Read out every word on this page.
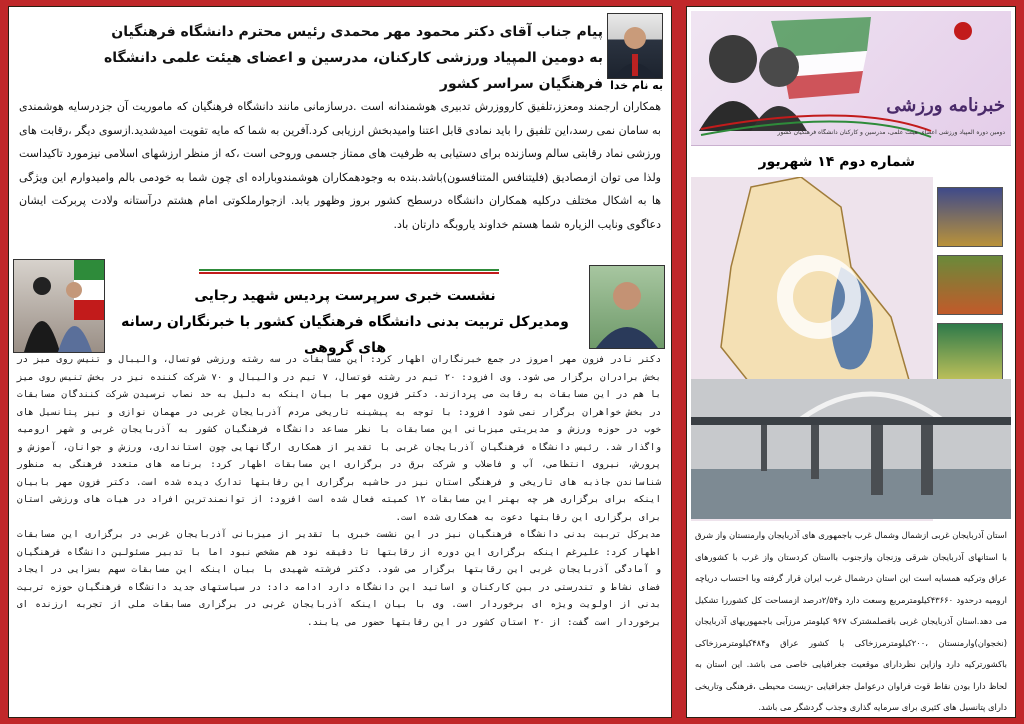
پیام جناب آقای دکتر محمود مهر محمدی رئیس محترم دانشگاه فرهنگیان
به دومین المپیاد ورزشی کارکنان، مدرسین و اعضای هیئت علمی دانشگاه فرهنگیان سراسر کشور به نام خدا
همکاران ارجمند ومعزز،تلفیق کارووزرش تدبیری هوشمندانه است .درسازمانی مانند دانشگاه فرهنگیان که ماموریت آن جزدرسایه هوشمندی به سامان نمی رسد،این تلفیق را باید نمادی قابل اعتنا وامیدبخش ارزیابی کرد.آفرین به شما که مایه تقویت امیدشدید.ازسوی دیگر ،رقابت های ورزشی نماد رقابتی سالم وسازنده برای دستیابی به ظرفیت های ممتاز جسمی وروحی است ،که از منظر ارزشهای اسلامی نیزمورد تاکیداست ولذا می توان ازمصادیق (فلیتنافس المتنافسون)باشد.بنده به وجودهمکاران هوشمندوباراده ای چون شما به خودمی بالم وامیدوارم این ویژگی ها به اشکال مختلف درکلیه همکاران دانشگاه درسطح کشور بروز وظهور یابد. ازجوارملکوتی امام هشتم درآستانه ولادت پربرکت ایشان دعاگوی ونایب الزیاره شما هستم خداوند یاروبگه دارتان باد.
نشست خبری سرپرست پردیس شهید رجایی
ومدیرکل تربیت بدنی دانشگاه فرهنگیان کشور با خبرنگاران رسانه های گروهی

دکتر نادر فزون مهر امروز در جمع خبرنگاران اظهار کرد: این مسابقات در سه رشته ورزشی فوتسال، والیبال و تنیس روی میز در بخش برادران برگزار می شود. وی افزود: ۲۰ تیم در رشته فوتسال، ۷ تیم در والیبال و ۷۰ شرکت کننده نیز در بخش تنیس روی میز با هم در این مسابقات به رقابت می پردازند. دکتر فزون مهر با بیان اینکه به دلیل به حد نصاب نرسیدن شرکت کنندگان مسابقات در بخش خواهران برگزار نمی شود افزود: با توجه به پیشینه تاریخی مردم آذربایجان غربی در مهمان نوازی و نیز پتانسیل های خوب در حوزه ورزش و مدیریتی میزبانی این مسابقات با نظر مساعد دانشگاه فرهنگیان کشور به آذربایجان غربی و شهر ارومیه واگذار شد. رئیس دانشگاه فرهنگیان آذربایجان غربی با تقدیر از همکاری ارگانهایی چون استانداری، ورزش و جوانان، آموزش و پرورش، نیروی انتظامی، آب و فاضلاب و شرکت برق در برگزاری این مسابقات اظهار کرد: برنامه های متعدد فرهنگی به منظور شناساندن جاذبه های تاریخی و فرهنگی استان نیز در حاشیه برگزاری این رقابتها تدارک دیده شده است. دکتر فزون مهر بابیان اینکه برای برگزاری هر چه بهتر این مسابقات ۱۲ کمیته فعال شده است افزود: از توانمندترین افراد در هیات های ورزشی استان برای برگزاری این رقابتها دعوت به همکاری شده است.

مدیرکل تربیت بدنی دانشگاه فرهنگیان نیز در این نشست خبری با تقدیر از میزبانی آذربایجان غربی در برگزاری این مسابقات اظهار کرد: علیرغم اینکه برگزاری این دوره از رقابتها تا دقیقه نود هم مشخص نبود اما با تدبیر مسئولین دانشگاه فرهنگیان و آمادگی آذربایجان غربی این رقابتها برگزار می شود. دکتر فرشته شهیدی با بیان اینکه این مسابقات سهم بسزایی در ایجاد فضای نشاط و تندرستی در بین کارکنان و اساتید این دانشگاه دارد ادامه داد: در سیاستهای جدید دانشگاه فرهنگیان حوزه تربیت بدنی از اولویت ویژه ای برخوردار است. وی با بیان اینکه آذربایجان غربی در برگزاری مسابقات ملی از تجربه ارزنده ای برخوردار است گفت: از ۲۰ استان کشور در این رقابتها حضور می یابند.

خبرنامه ورزشی
دومین دوره المپیاد ورزشی اعضای هیئت علمی، مدرسین و کارکنان دانشگاه فرهنگیان کشور
شماره دوم ۱۴ شهریور
استان آذربایجان غربی ازشمال وشمال غرب باجمهوری های آذربایجان وارمنستان واز شرق با استانهای آذربایجان شرقی وزنجان وازجنوب بااستان کردستان واز غرب با کشورهای عراق وترکیه همسایه است این استان درشمال غرب ایران قرار گرفته وبا احتساب دریاچه ارومیه درحدود ۴۳۶۶۰کیلومترمربع وسعت دارد و۲/۵۴درصد ازمساحت کل کشوررا تشکیل می دهد.استان آذربایجان غربی بافصلمشترک ۹۶۷ کیلومتر مرزآبی باجمهوریهای آذربایجان (نخجوان)وارمنستان ،۲۰۰کیلومترمرزخاکی با کشور عراق و۴۸۴کیلومترمرزخاکی باکشورترکیه دارد وازاین نظردارای موقعیت جغرافیایی خاصی می باشد. این استان به لحاظ دارا بودن نقاط قوت فراوان درعوامل جغرافیایی -زیست محیطی ،فرهنگی وتاریخی دارای پتانسیل های کثیری برای سرمایه گذاری وجذب گردشگر می باشد.
